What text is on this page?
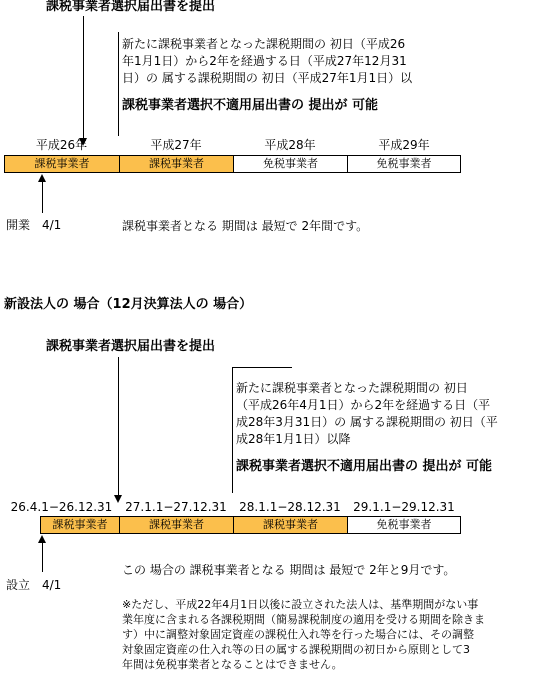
課税事業者選択届出書を提出
新たに課税事業者となった課税期間の 初日（平成26
年1月1日）から2年を経過する日（平成27年12月31
日）の 属する課税期間の 初日（平成27年1月1日）以
課税事業者選択不適用届出書の 提出が 可能
平成26年	平成27年	平成28年	平成29年
課税事業者	課税事業者	免税事業者	免税事業者
開業　4/1	課税事業者となる 期間は 最短で 2年間です。
新設法人の 場合（12月決算法人の 場合）
課税事業者選択届出書を提出
新たに課税事業者となった課税期間の 初日
（平成26年4月1日）から2年を経過する日（平
成28年3月31日）の 属する課税期間の 初日（平
成28年1月1日）以降
課税事業者選択不適用届出書の 提出が 可能
26.4.1−26.12.31	27.1.1−27.12.31	28.1.1−28.12.31	29.1.1−29.12.31
課税事業者	課税事業者	課税事業者	免税事業者
設立　4/1
この 場合の 課税事業者となる 期間は 最短で 2年と9月です。
※ただし、平成22年4月1日以後に設立された法人は、基準期間がない事
業年度に含まれる各課税期間（簡易課税制度の適用を受ける期間を除きま
す）中に調整対象固定資産の課税仕入れ等を行った場合には、その調整
対象固定資産の仕入れ等の日の属する課税期間の初日から原則として3
年間は免税事業者となることはできません。
